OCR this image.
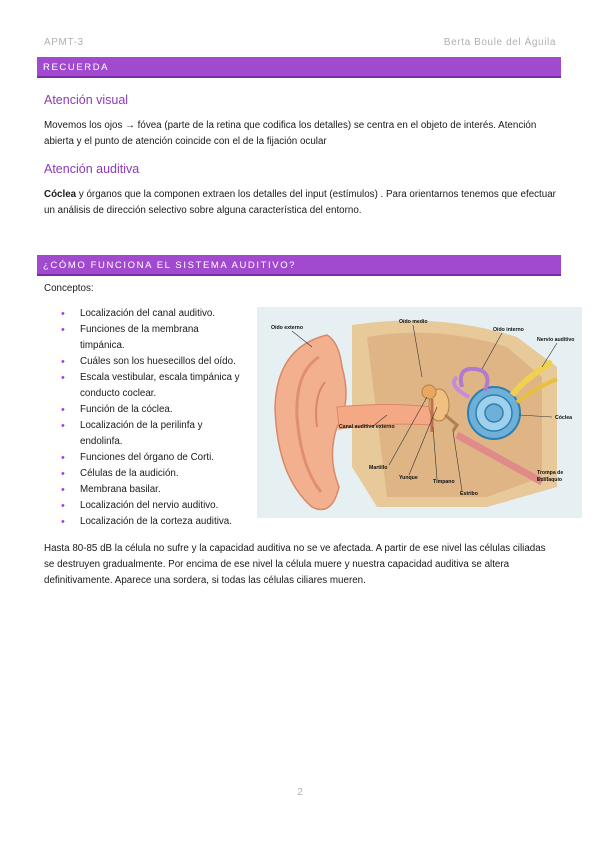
APMT-3	Berta Boule del Águila
RECUERDA
Atención visual
Movemos los ojos → fóvea (parte de la retina que codifica los detalles) se centra en el objeto de interés. Atención abierta y el punto de atención coincide con el de la fijación ocular
Atención auditiva
Cóclea y órganos que la componen extraen los detalles del input (estímulos) . Para orientarnos tenemos que efectuar un análisis de dirección selectivo sobre alguna característica del entorno.
¿CÓMO FUNCIONA EL SISTEMA AUDITIVO?
Conceptos:
• Localización del canal auditivo.
• Funciones de la membrana timpánica.
• Cuáles son los huesecillos del oído.
• Escala vestibular, escala timpánica y conducto coclear.
• Función de la cóclea.
• Localización de la perilinfa y endolinfa.
• Funciones del órgano de Corti.
• Células de la audición.
• Membrana basilar.
• Localización del nervio auditivo.
• Localización de la corteza auditiva.
Oído externo
Oído medio
Oído interno
Nervio auditivo
Cóclea
Canal auditivo externo
Martillo
Yunque
Tímpano
Estribo
Trompa de
Eustaquio
Hasta 80-85 dB la célula no sufre y la capacidad auditiva no se ve afectada. A partir de ese nivel las células ciliadas se destruyen gradualmente. Por encima de ese nivel la célula muere y nuestra capacidad auditiva se altera definitivamente. Aparece una sordera, si todas las células ciliares mueren.
2
